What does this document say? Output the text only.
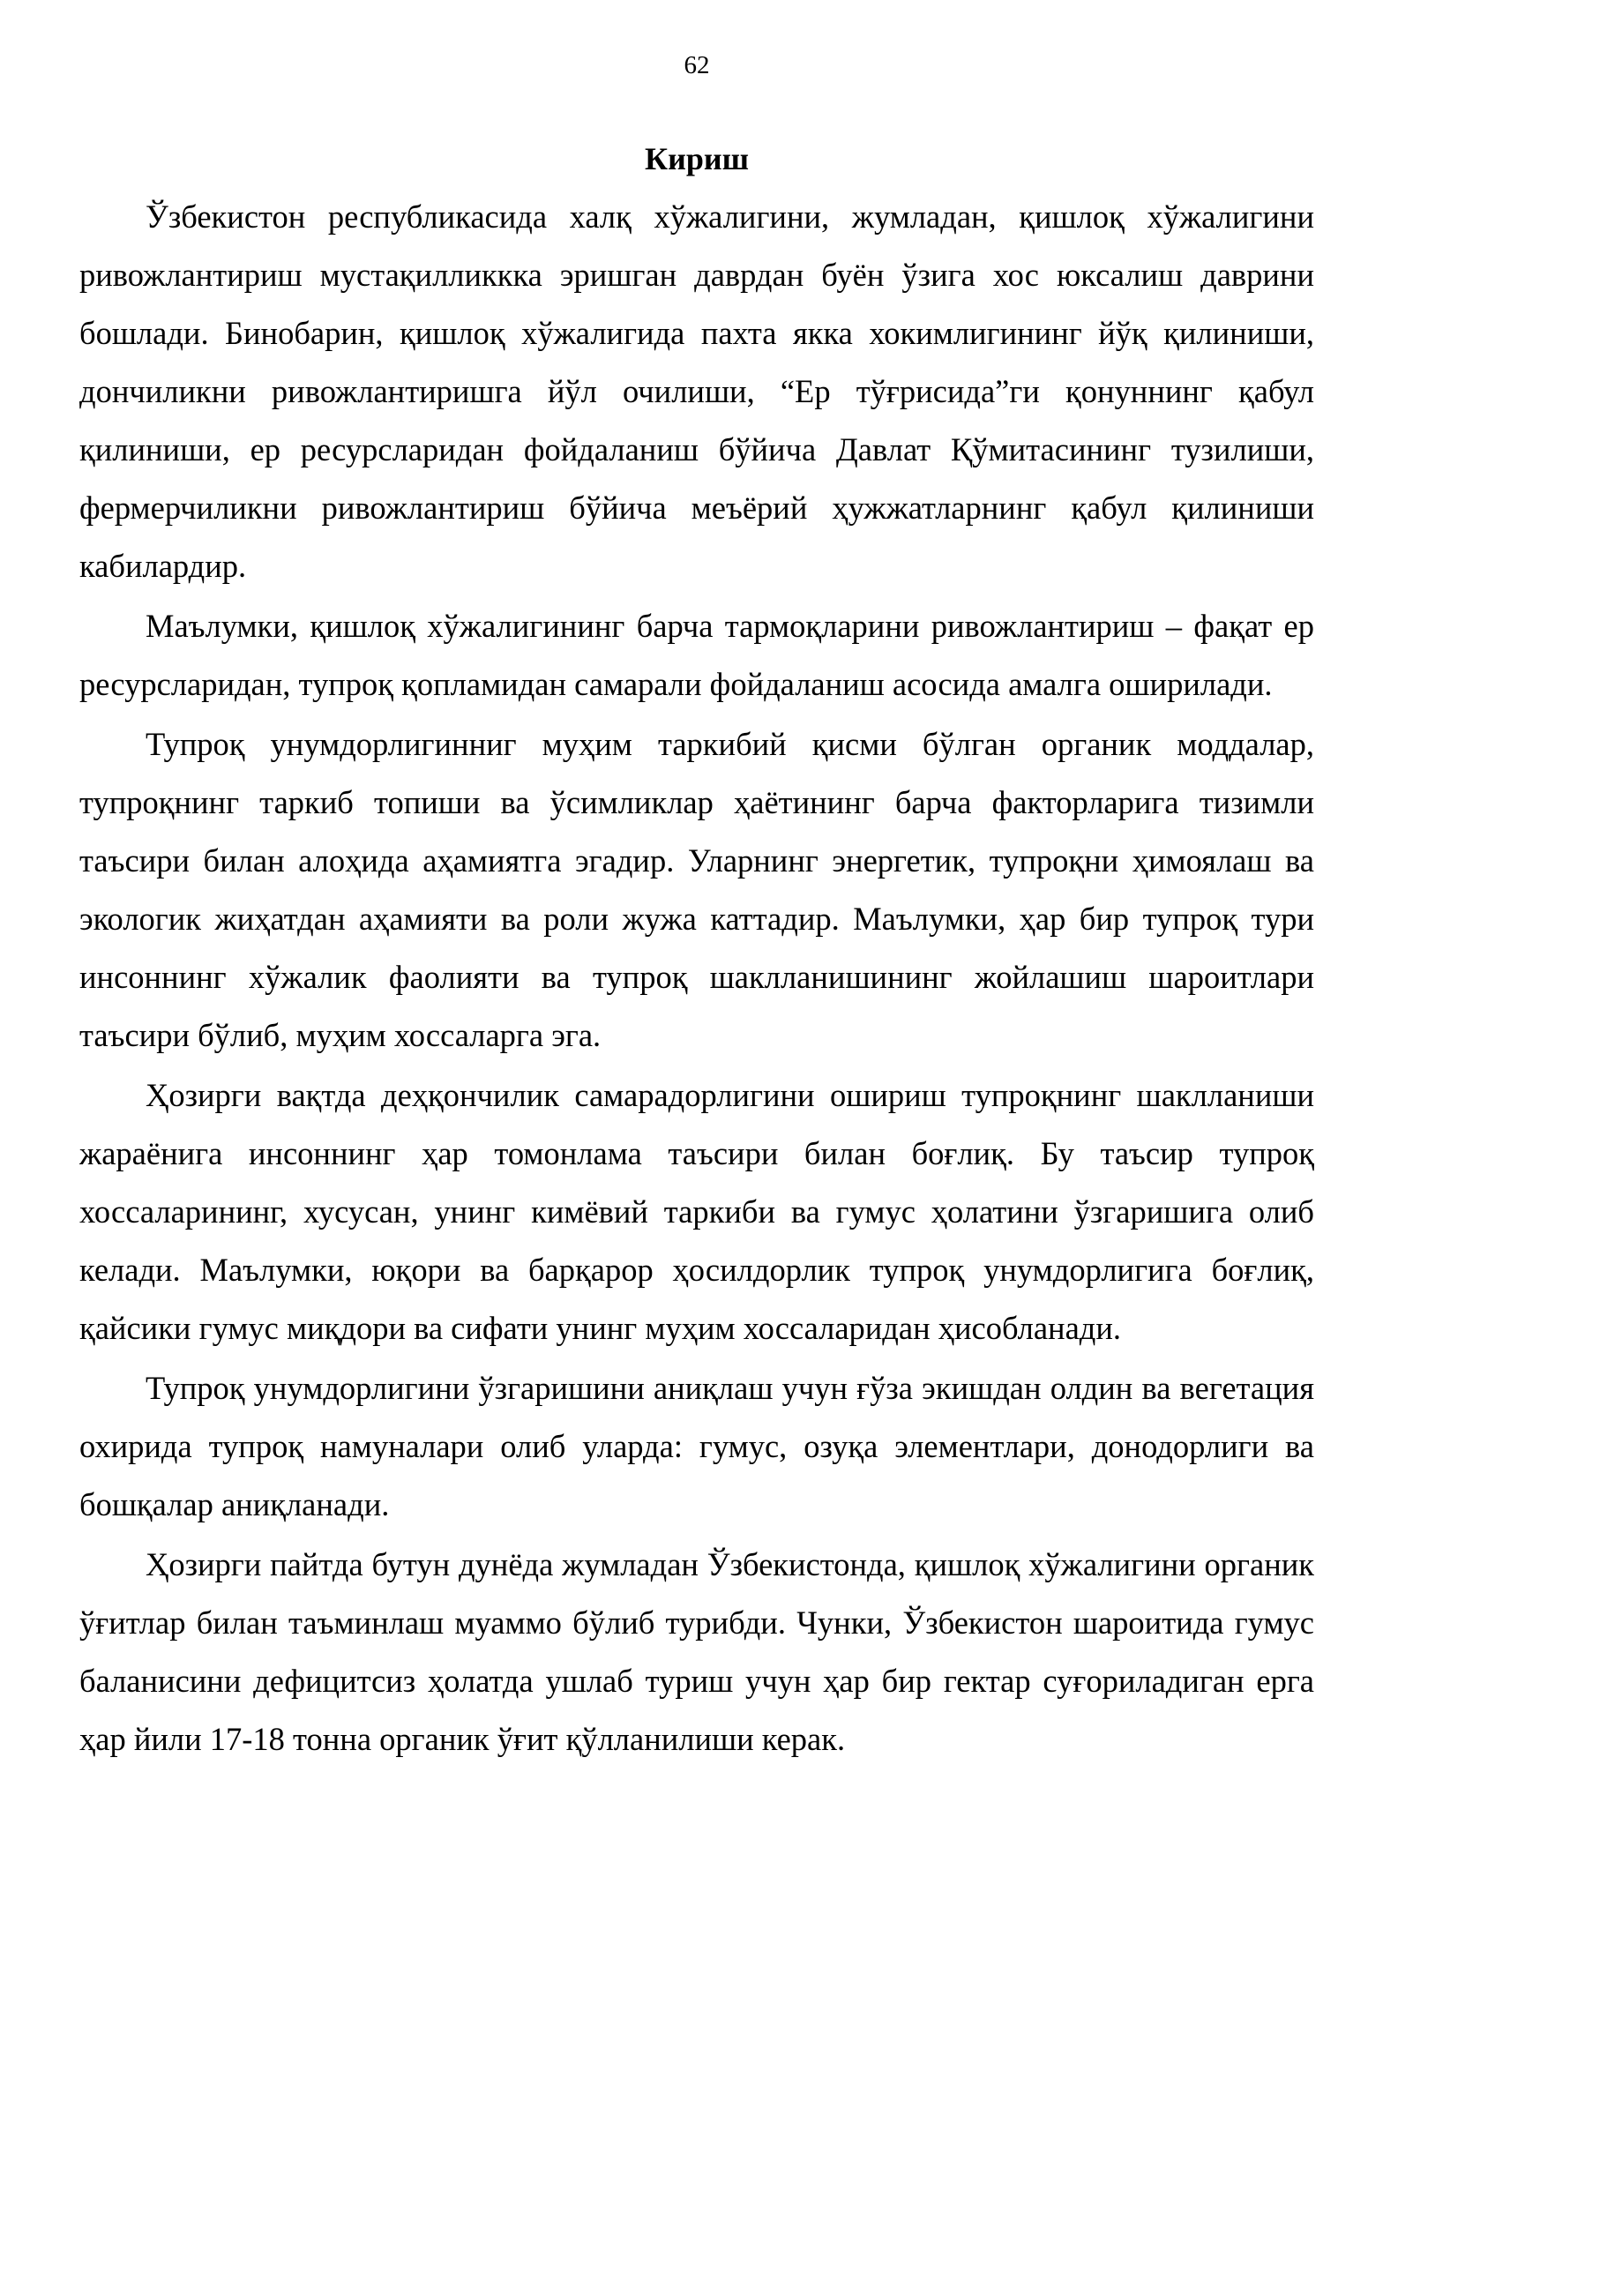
62
Кириш

Ўзбекистон республикасида халқ хўжалигини, жумладан, қишлоқ хўжалигини ривожлантириш мустақилликкка эришган даврдан буён ўзига хос юксалиш даврини бошлади. Бинобарин, қишлоқ хўжалигида пахта якка хокимлигининг йўқ қилиниши, дончиликни ривожлантиришга йўл очилиши, “Ер тўғрисида”ги қонуннинг қабул қилиниши, ер ресурсларидан фойдаланиш бўйича Давлат Қўмитасининг тузилиши, фермерчиликни ривожлантириш бўйича меъёрий ҳужжатларнинг қабул қилиниши кабилардир.

Маълумки, қишлоқ хўжалигининг барча тармоқларини ривожлантириш – фақат ер ресурсларидан, тупроқ қопламидан самарали фойдаланиш асосида амалга оширилади.

Тупроқ унумдорлигинниг муҳим таркибий қисми бўлган органик моддалар, тупроқнинг таркиб топиши ва ўсимликлар ҳаётининг барча факторларига тизимли таъсири билан алоҳида аҳамиятга эгадир. Уларнинг энергетик, тупроқни ҳимоялаш ва экологик жиҳатдан аҳамияти ва роли жужа каттадир. Маълумки, ҳар бир тупроқ тури инсоннинг хўжалик фаолияти ва тупроқ шаклланишининг жойлашиш шароитлари таъсири бўлиб, муҳим хоссаларга эга.

Ҳозирги вақтда деҳқончилик самарадорлигини ошириш тупроқнинг шаклланиши жараёнига инсоннинг ҳар томонлама таъсири билан боғлиқ. Бу таъсир тупроқ хоссаларининг, хусусан, унинг кимёвий таркиби ва гумус ҳолатини ўзгаришига олиб келади. Маълумки, юқори ва барқарор ҳосилдорлик тупроқ унумдорлигига боғлиқ, қайсики гумус миқдори ва сифати унинг муҳим хоссаларидан ҳисобланади.

Тупроқ унумдорлигини ўзгаришини аниқлаш учун ғўза экишдан олдин ва вегетация охирида тупроқ намуналари олиб уларда: гумус, озуқа элементлари, донодорлиги ва бошқалар аниқланади.

Ҳозирги пайтда бутун дунёда жумладан Ўзбекистонда, қишлоқ хўжалигини органик ўғитлар билан таъминлаш муаммо бўлиб турибди. Чунки, Ўзбекистон шароитида гумус баланисини дефицитсиз ҳолатда ушлаб туриш учун ҳар бир гектар суғориладиган ерга ҳар йили 17-18 тонна органик ўғит қўлланилиши керак.
